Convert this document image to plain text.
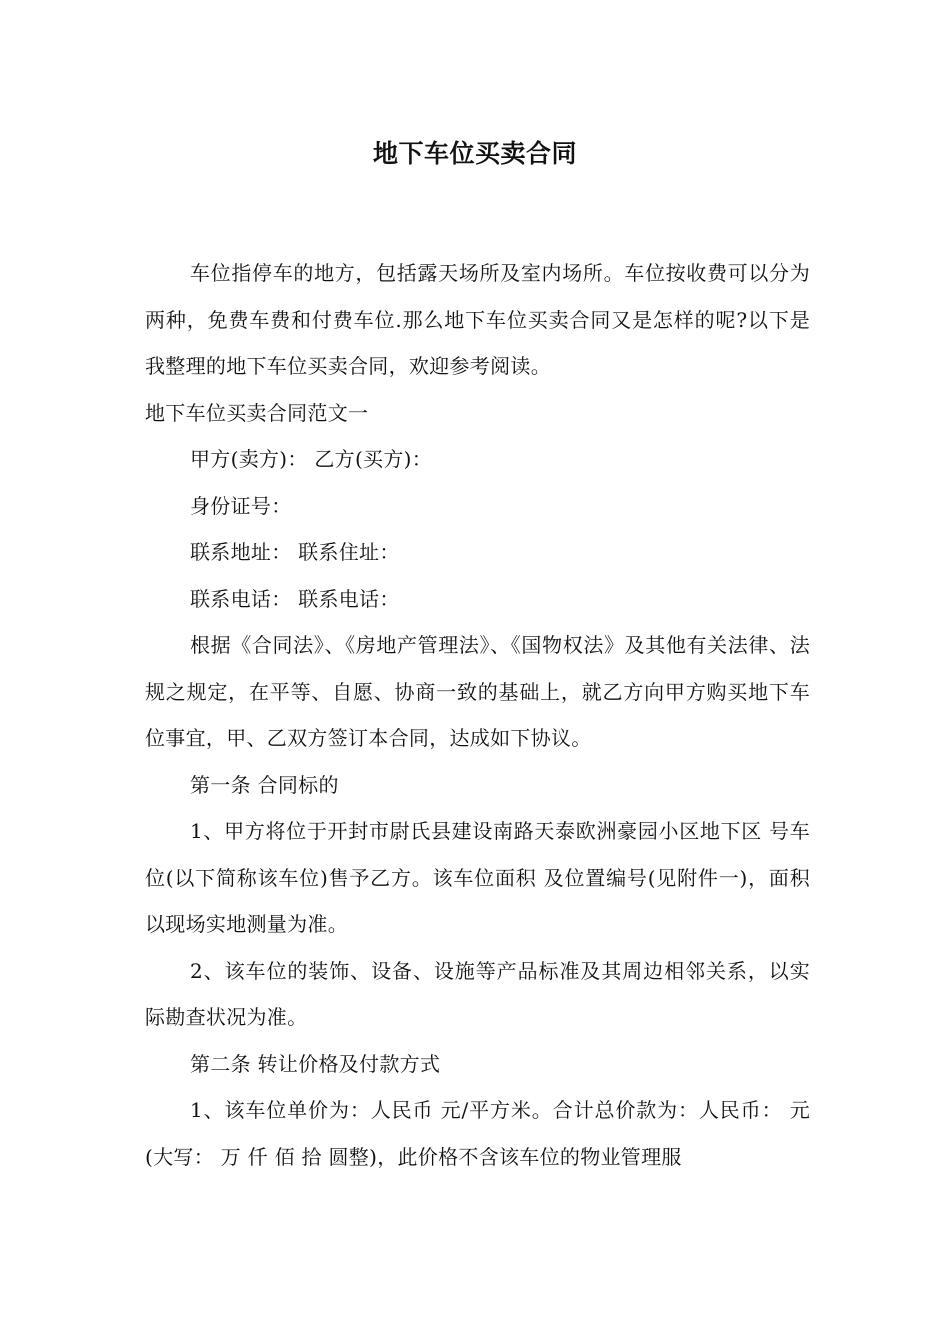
地下车位买卖合同

车位指停车的地方，包括露天场所及室内场所。车位按收费可以分为两种，免费车费和付费车位.那么地下车位买卖合同又是怎样的呢?以下是我整理的地下车位买卖合同，欢迎参考阅读。

地下车位买卖合同范文一

甲方(卖方)： 乙方(买方)：

身份证号：

联系地址： 联系住址：

联系电话： 联系电话：

根据《合同法》、《房地产管理法》、《国物权法》及其他有关法律、法规之规定，在平等、自愿、协商一致的基础上，就乙方向甲方购买地下车位事宜，甲、乙双方签订本合同，达成如下协议。

第一条 合同标的

1、甲方将位于开封市尉氏县建设南路天泰欧洲豪园小区地下区 号车位(以下简称该车位)售予乙方。该车位面积 及位置编号(见附件一)，面积以现场实地测量为准。

2、该车位的装饰、设备、设施等产品标准及其周边相邻关系，以实际勘查状况为准。

第二条 转让价格及付款方式

1、该车位单价为：人民币 元/平方米。合计总价款为：人民币： 元(大写： 万 仟 佰 拾 圆整)，此价格不含该车位的物业管理服
